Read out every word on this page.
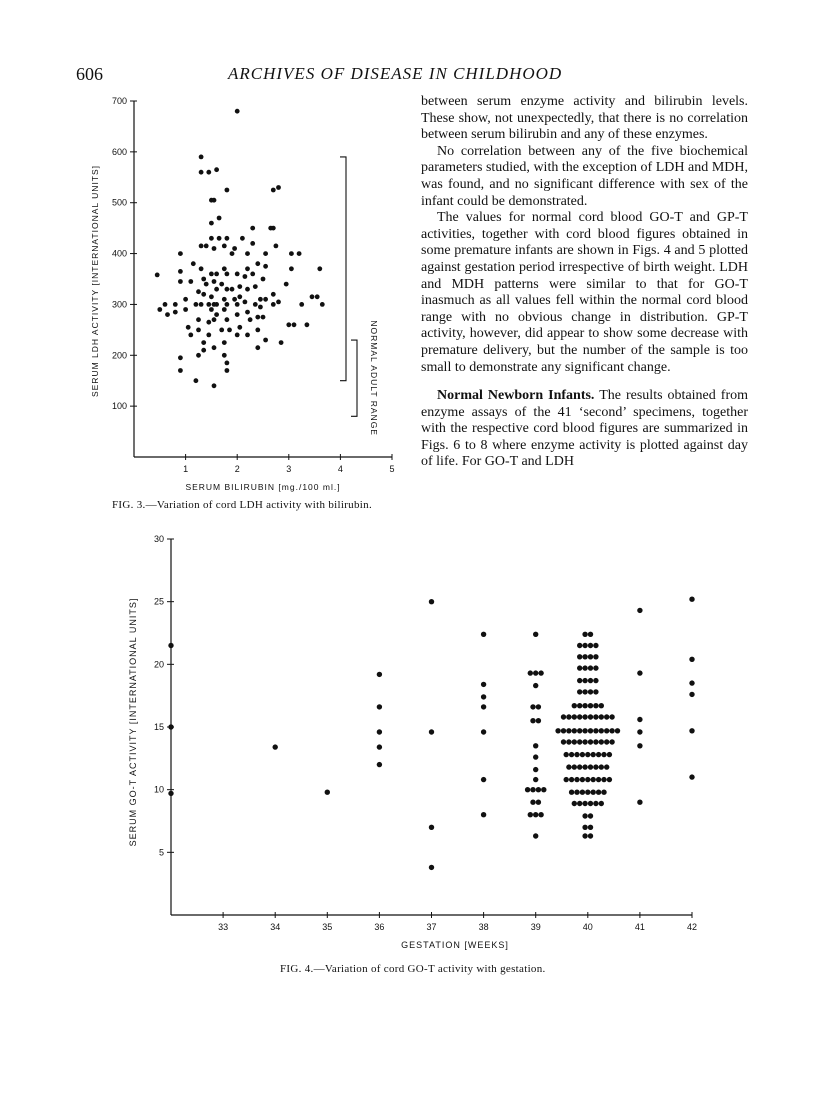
606	ARCHIVES OF DISEASE IN CHILDHOOD

between serum enzyme activity and bilirubin levels. These show, not unexpectedly, that there is no correlation between serum bilirubin and any of these enzymes.

No correlation between any of the five biochemical parameters studied, with the exception of LDH and MDH, was found, and no significant difference with sex of the infant could be demonstrated.

The values for normal cord blood GO-T and GP-T activities, together with cord blood figures obtained in some premature infants are shown in Figs. 4 and 5 plotted against gestation period irrespective of birth weight. LDH and MDH patterns were similar to that for GO-T inasmuch as all values fell within the normal cord blood range with no obvious change in distribution. GP-T activity, however, did appear to show some decrease with premature delivery, but the number of the sample is too small to demonstrate any significant change.

Normal Newborn Infants. The results obtained from enzyme assays of the 41 ‘second’ specimens, together with the respective cord blood figures are summarized in Figs. 6 to 8 where enzyme activity is plotted against day of life. For GO-T and LDH

100
200
300
400
500
600
700
1	2	3	4	5
NORMAL ADULT RANGE
SERUM BILIRUBIN [mg./100 ml.]
SERUM LDH ACTIVITY [INTERNATIONAL UNITS]
5
10
15
20
25
30
33	34	35	36	37	38	39	40	41	42
GESTATION [WEEKS]
SERUM GO-T ACTIVITY [INTERNATIONAL UNITS]
FIG. 3.—Variation of cord LDH activity with bilirubin.
FIG. 4.—Variation of cord GO-T activity with gestation.
